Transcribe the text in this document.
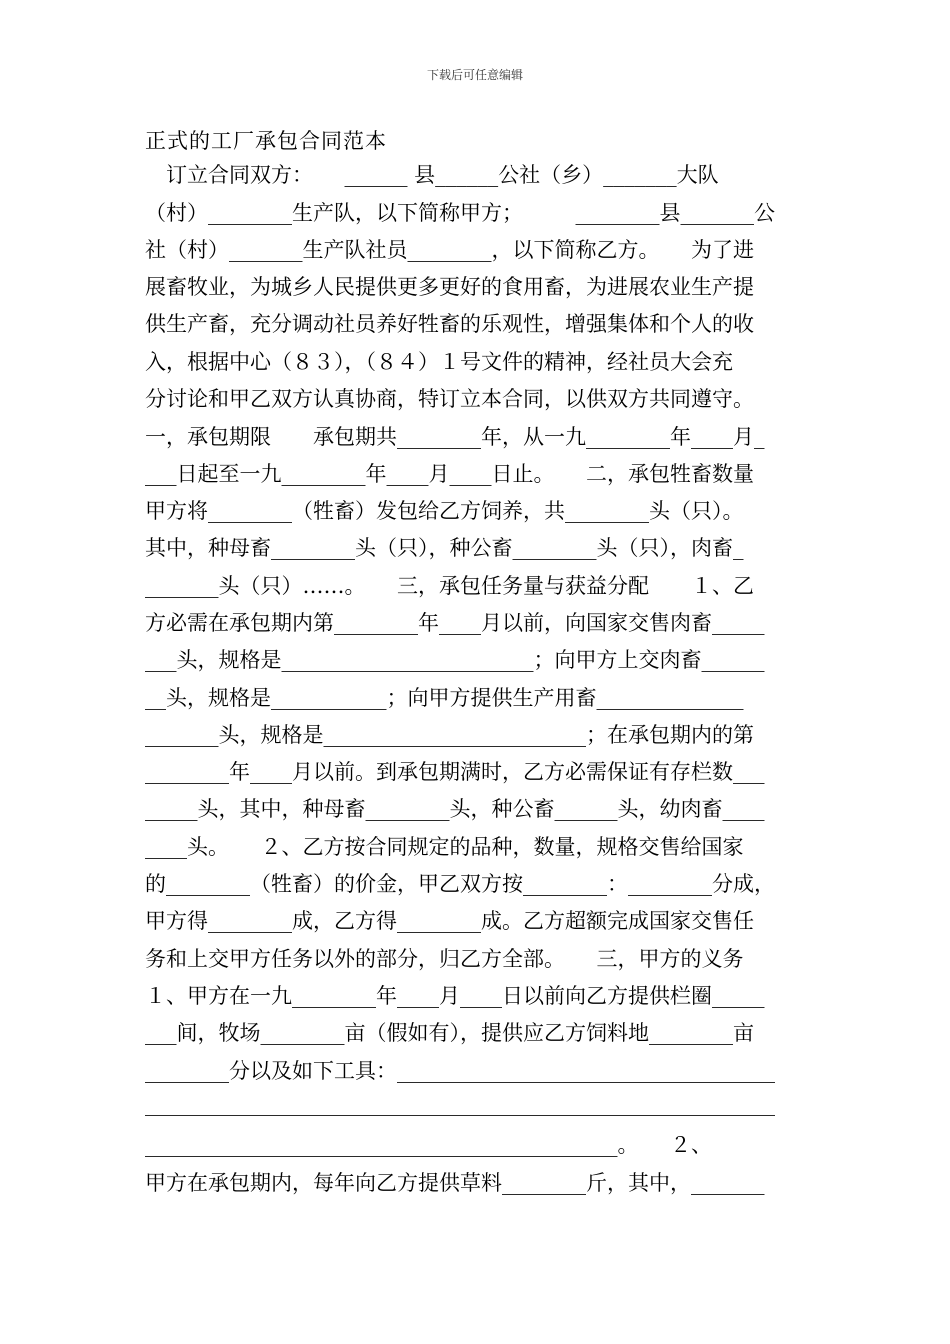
下载后可任意编辑
正式的工厂承包合同范本
　订立合同双方：　　______ 县______公社（乡）_______大队
（村）________生产队，以下简称甲方；　　　________县_______公
社（村）_______生产队社员________，以下简称乙方。　　为了进
展畜牧业，为城乡人民提供更多更好的食用畜，为进展农业生产提
供生产畜，充分调动社员养好牲畜的乐观性，增强集体和个人的收
入，根据中心（８３），（８４）１号文件的精神，经社员大会充
分讨论和甲乙双方认真协商，特订立本合同，以供双方共同遵守。
一，承包期限　　承包期共________年，从一九________年____月_
___日起至一九________年____月____日止。　　二，承包牲畜数量
甲方将________（牲畜）发包给乙方饲养，共________头（只）。
其中，种母畜________头（只），种公畜________头（只），肉畜_
_______头（只）……。　　三，承包任务量与获益分配　　１、乙
方必需在承包期内第________年____月以前，向国家交售肉畜_____
___头，规格是________________________；向甲方上交肉畜______
__头，规格是___________；向甲方提供生产用畜______________
_______头，规格是_________________________；在承包期内的第
________年____月以前。到承包期满时，乙方必需保证有存栏数___
_____头，其中，种母畜________头，种公畜______头，幼肉畜____
____头。　　２、乙方按合同规定的品种，数量，规格交售给国家
的________（牲畜）的价金，甲乙双方按________：________分成，
甲方得________成，乙方得________成。乙方超额完成国家交售任
务和上交甲方任务以外的部分，归乙方全部。　　三，甲方的义务
１、甲方在一九________年____月____日以前向乙方提供栏圈_____
___间，牧场________亩（假如有），提供应乙方饲料地________亩
________分以及如下工具：____________________________________
____________________________________________________________
_____________________________________________。　　２、
甲方在承包期内，每年向乙方提供草料________斤，其中，_______
